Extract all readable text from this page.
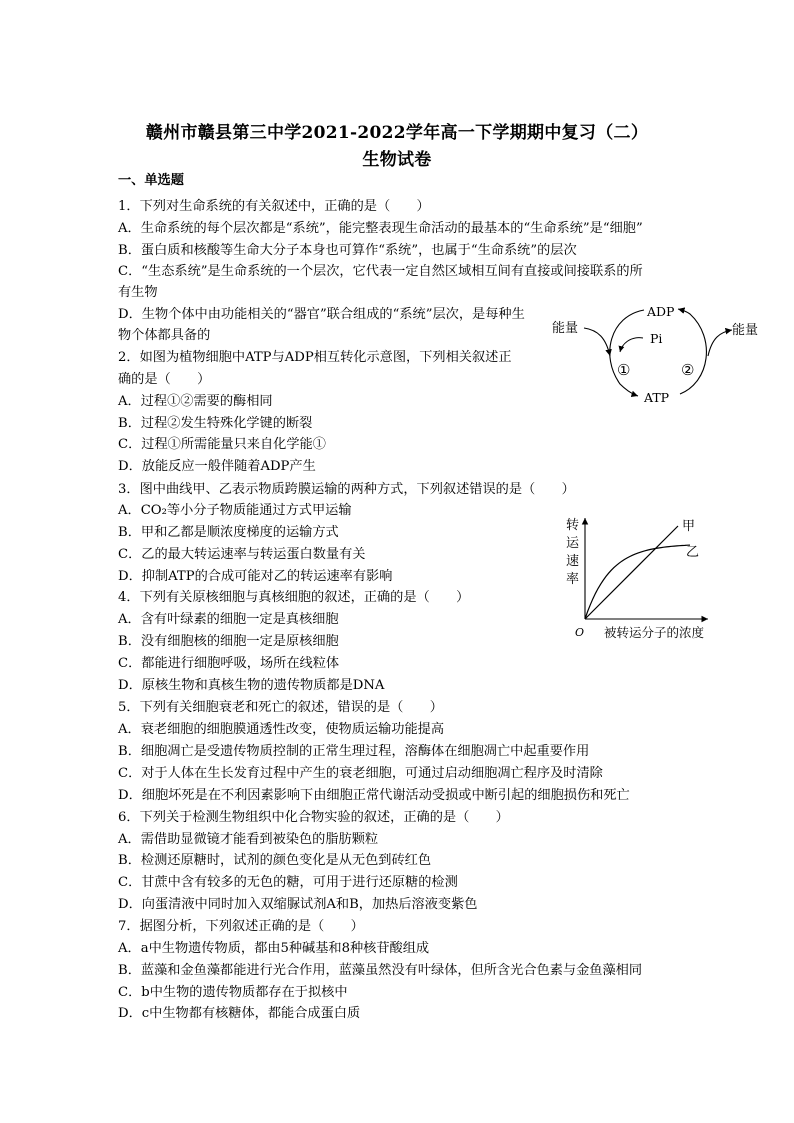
赣州市赣县第三中学2021-2022学年高一下学期期中复习（二）
生物试卷
一、单选题
1．下列对生命系统的有关叙述中，正确的是（　　）
A．生命系统的每个层次都是“系统”，能完整表现生命活动的最基本的“生命系统”是“细胞”
B．蛋白质和核酸等生命大分子本身也可算作“系统”，也属于“生命系统”的层次
C．“生态系统”是生命系统的一个层次，它代表一定自然区域相互间有直接或间接联系的所
有生物
D．生物个体中由功能相关的“器官”联合组成的“系统”层次，是每种生
物个体都具备的
2．如图为植物细胞中ATP与ADP相互转化示意图，下列相关叙述正
确的是（　　）
A．过程①②需要的酶相同
B．过程②发生特殊化学键的断裂
C．过程①所需能量只来自化学能①
D．放能反应一般伴随着ADP产生
3．图中曲线甲、乙表示物质跨膜运输的两种方式，下列叙述错误的是（　　）
A．CO₂等小分子物质能通过方式甲运输
B．甲和乙都是顺浓度梯度的运输方式
C．乙的最大转运速率与转运蛋白数量有关
D．抑制ATP的合成可能对乙的转运速率有影响
4．下列有关原核细胞与真核细胞的叙述，正确的是（　　）
A．含有叶绿素的细胞一定是真核细胞
B．没有细胞核的细胞一定是原核细胞
C．都能进行细胞呼吸，场所在线粒体
D．原核生物和真核生物的遗传物质都是DNA
5．下列有关细胞衰老和死亡的叙述，错误的是（　　）
A．衰老细胞的细胞膜通透性改变，使物质运输功能提高
B．细胞凋亡是受遗传物质控制的正常生理过程，溶酶体在细胞凋亡中起重要作用
C．对于人体在生长发育过程中产生的衰老细胞，可通过启动细胞凋亡程序及时清除
D．细胞坏死是在不利因素影响下由细胞正常代谢活动受损或中断引起的细胞损伤和死亡
6．下列关于检测生物组织中化合物实验的叙述，正确的是（　　）
A．需借助显微镜才能看到被染色的脂肪颗粒
B．检测还原糖时，试剂的颜色变化是从无色到砖红色
C．甘蔗中含有较多的无色的糖，可用于进行还原糖的检测
D．向蛋清液中同时加入双缩脲试剂A和B，加热后溶液变紫色
7．据图分析，下列叙述正确的是（　　）
A．a中生物遗传物质，都由5种碱基和8种核苷酸组成
B．蓝藻和金鱼藻都能进行光合作用，蓝藻虽然没有叶绿体，但所含光合色素与金鱼藻相同
C．b中生物的遗传物质都存在于拟核中
D．c中生物都有核糖体，都能合成蛋白质
ADP
Pi
ATP
能量	能量
①	②
转
运
速
率
O 被转运分子的浓度
甲
乙
